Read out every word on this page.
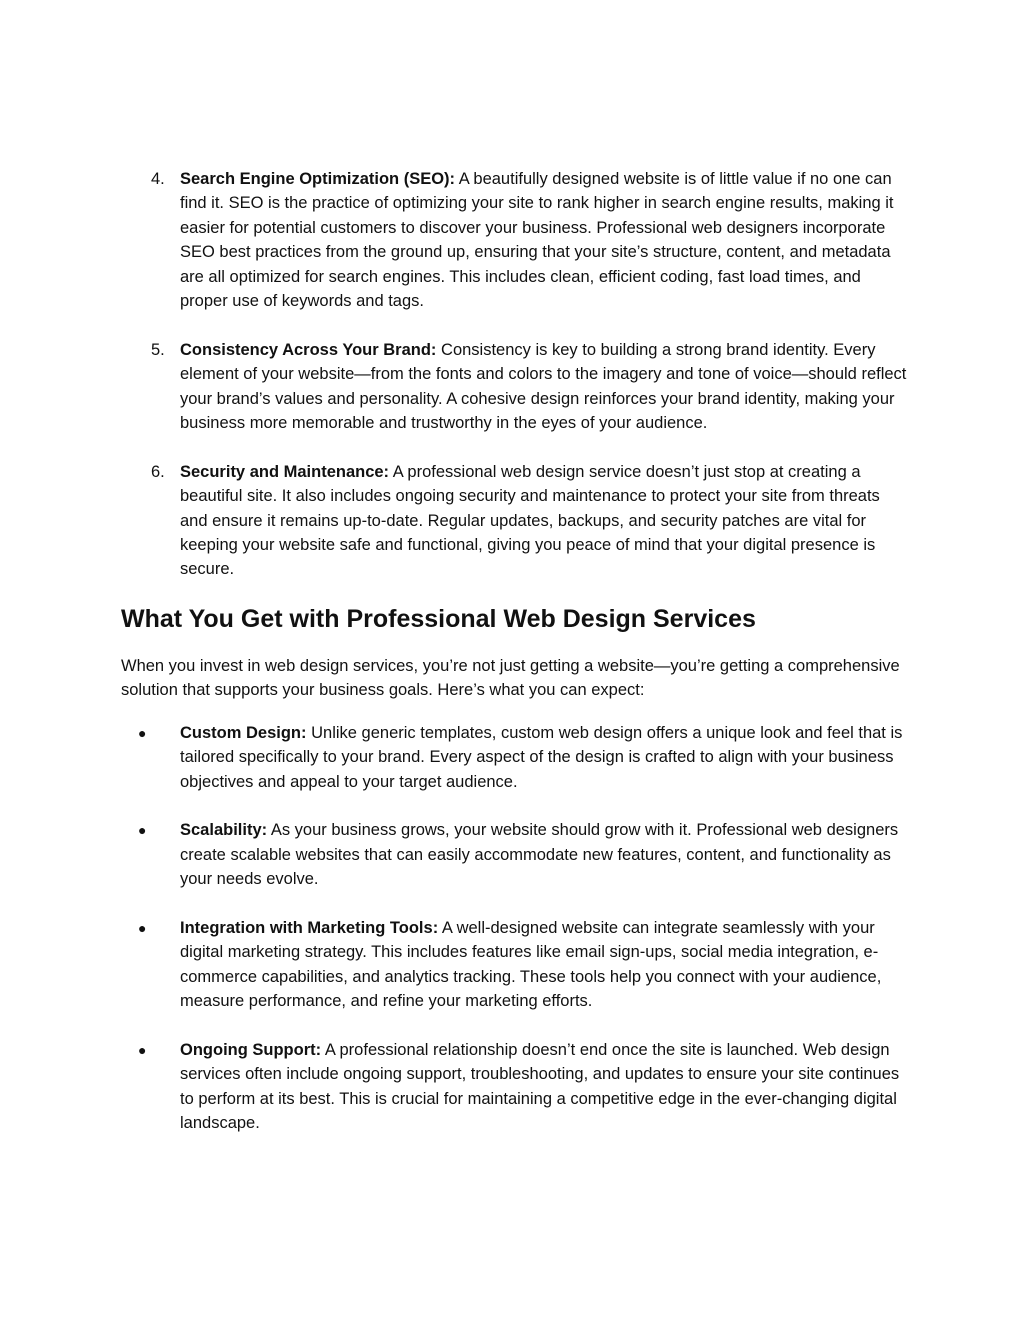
4. Search Engine Optimization (SEO): A beautifully designed website is of little value if no one can find it. SEO is the practice of optimizing your site to rank higher in search engine results, making it easier for potential customers to discover your business. Professional web designers incorporate SEO best practices from the ground up, ensuring that your site’s structure, content, and metadata are all optimized for search engines. This includes clean, efficient coding, fast load times, and proper use of keywords and tags.
5. Consistency Across Your Brand: Consistency is key to building a strong brand identity. Every element of your website—from the fonts and colors to the imagery and tone of voice—should reflect your brand’s values and personality. A cohesive design reinforces your brand identity, making your business more memorable and trustworthy in the eyes of your audience.
6. Security and Maintenance: A professional web design service doesn’t just stop at creating a beautiful site. It also includes ongoing security and maintenance to protect your site from threats and ensure it remains up-to-date. Regular updates, backups, and security patches are vital for keeping your website safe and functional, giving you peace of mind that your digital presence is secure.
What You Get with Professional Web Design Services

When you invest in web design services, you’re not just getting a website—you’re getting a comprehensive solution that supports your business goals. Here’s what you can expect:

●	Custom Design: Unlike generic templates, custom web design offers a unique look and feel that is tailored specifically to your brand. Every aspect of the design is crafted to align with your business objectives and appeal to your target audience.
●	Scalability: As your business grows, your website should grow with it. Professional web designers create scalable websites that can easily accommodate new features, content, and functionality as your needs evolve.
●	Integration with Marketing Tools: A well-designed website can integrate seamlessly with your digital marketing strategy. This includes features like email sign-ups, social media integration, e-commerce capabilities, and analytics tracking. These tools help you connect with your audience, measure performance, and refine your marketing efforts.
●	Ongoing Support: A professional relationship doesn’t end once the site is launched. Web design services often include ongoing support, troubleshooting, and updates to ensure your site continues to perform at its best. This is crucial for maintaining a competitive edge in the ever-changing digital landscape.
